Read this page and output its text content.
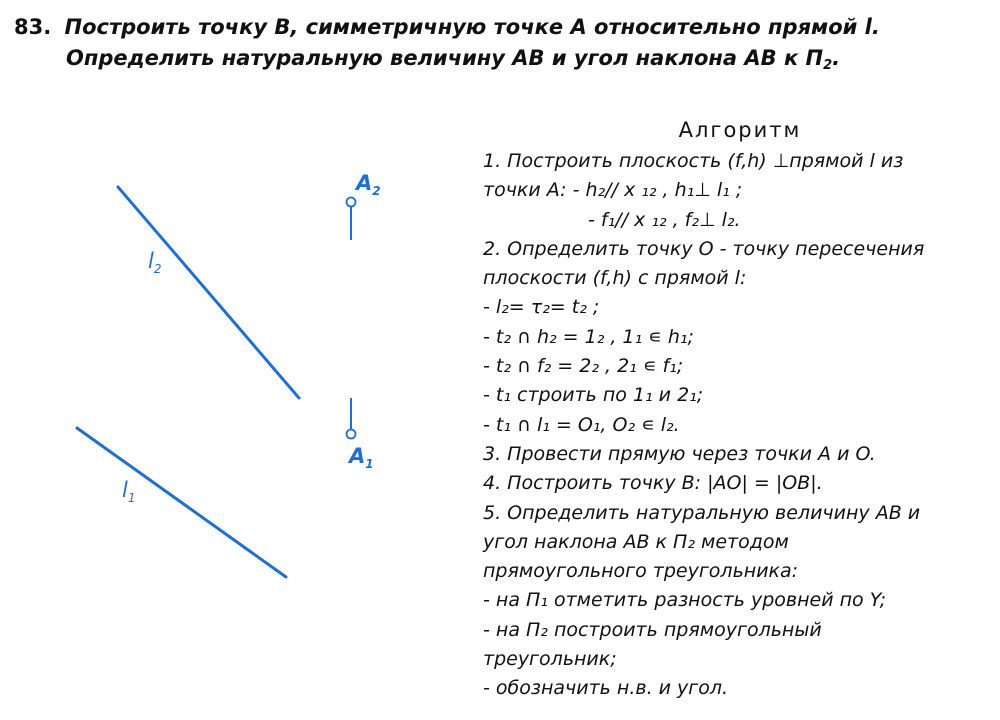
83. Построить точку B, симметричную точке A относительно прямой l.
Определить натуральную величину AB и угол наклона AB к $П_2$.
$l_2$
$l_1$
$A_2$
$A_1$
Алгоритм
1. Построить плоскость (f,h) ⊥прямой l из
точки A: - h₂// x ₁₂ , h₁⊥ l₁ ;
- f₁// x ₁₂ , f₂⊥ l₂.
2. Определить точку O - точку пересечения
плоскости (f,h) с прямой l:
- l₂= τ₂= t₂ ;
- t₂ ∩ h₂ = 1₂ , 1₁ ∊ h₁;
- t₂ ∩ f₂ = 2₂ , 2₁ ∊ f₁;
- t₁ строить по 1₁ и 2₁;
- t₁ ∩ l₁ = O₁, O₂ ∊ l₂.
3. Провести прямую через точки A и O.
4. Построить точку B: |AO| = |OB|.
5. Определить натуральную величину AB и
угол наклона AB к П₂ методом
прямоугольного треугольника:
- на П₁ отметить разность уровней по Y;
- на П₂ построить прямоугольный
треугольник;
- обозначить н.в. и угол.
